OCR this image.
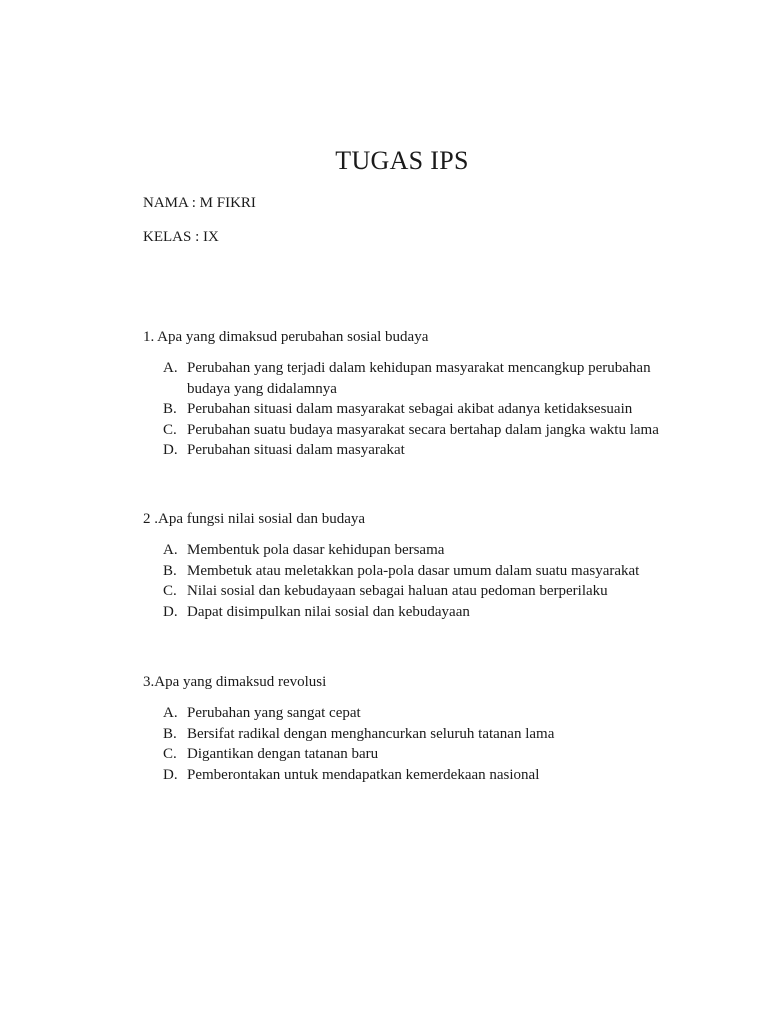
TUGAS IPS
NAMA : M FIKRI
KELAS : IX

1. Apa yang dimaksud perubahan sosial budaya

A. Perubahan yang terjadi dalam kehidupan masyarakat mencangkup perubahan budaya yang didalamnya
B. Perubahan situasi dalam masyarakat sebagai akibat adanya ketidaksesuain
C. Perubahan suatu budaya masyarakat secara bertahap dalam jangka waktu lama
D. Perubahan situasi dalam masyarakat

2 .Apa fungsi nilai sosial dan budaya

A. Membentuk pola dasar kehidupan bersama
B. Membetuk atau meletakkan pola-pola dasar umum dalam suatu masyarakat
C. Nilai sosial dan kebudayaan sebagai haluan atau pedoman berperilaku
D. Dapat disimpulkan nilai sosial dan kebudayaan

3.Apa yang dimaksud revolusi

A. Perubahan yang sangat cepat
B. Bersifat radikal dengan menghancurkan seluruh tatanan lama
C. Digantikan dengan tatanan baru
D. Pemberontakan untuk mendapatkan kemerdekaan nasional
